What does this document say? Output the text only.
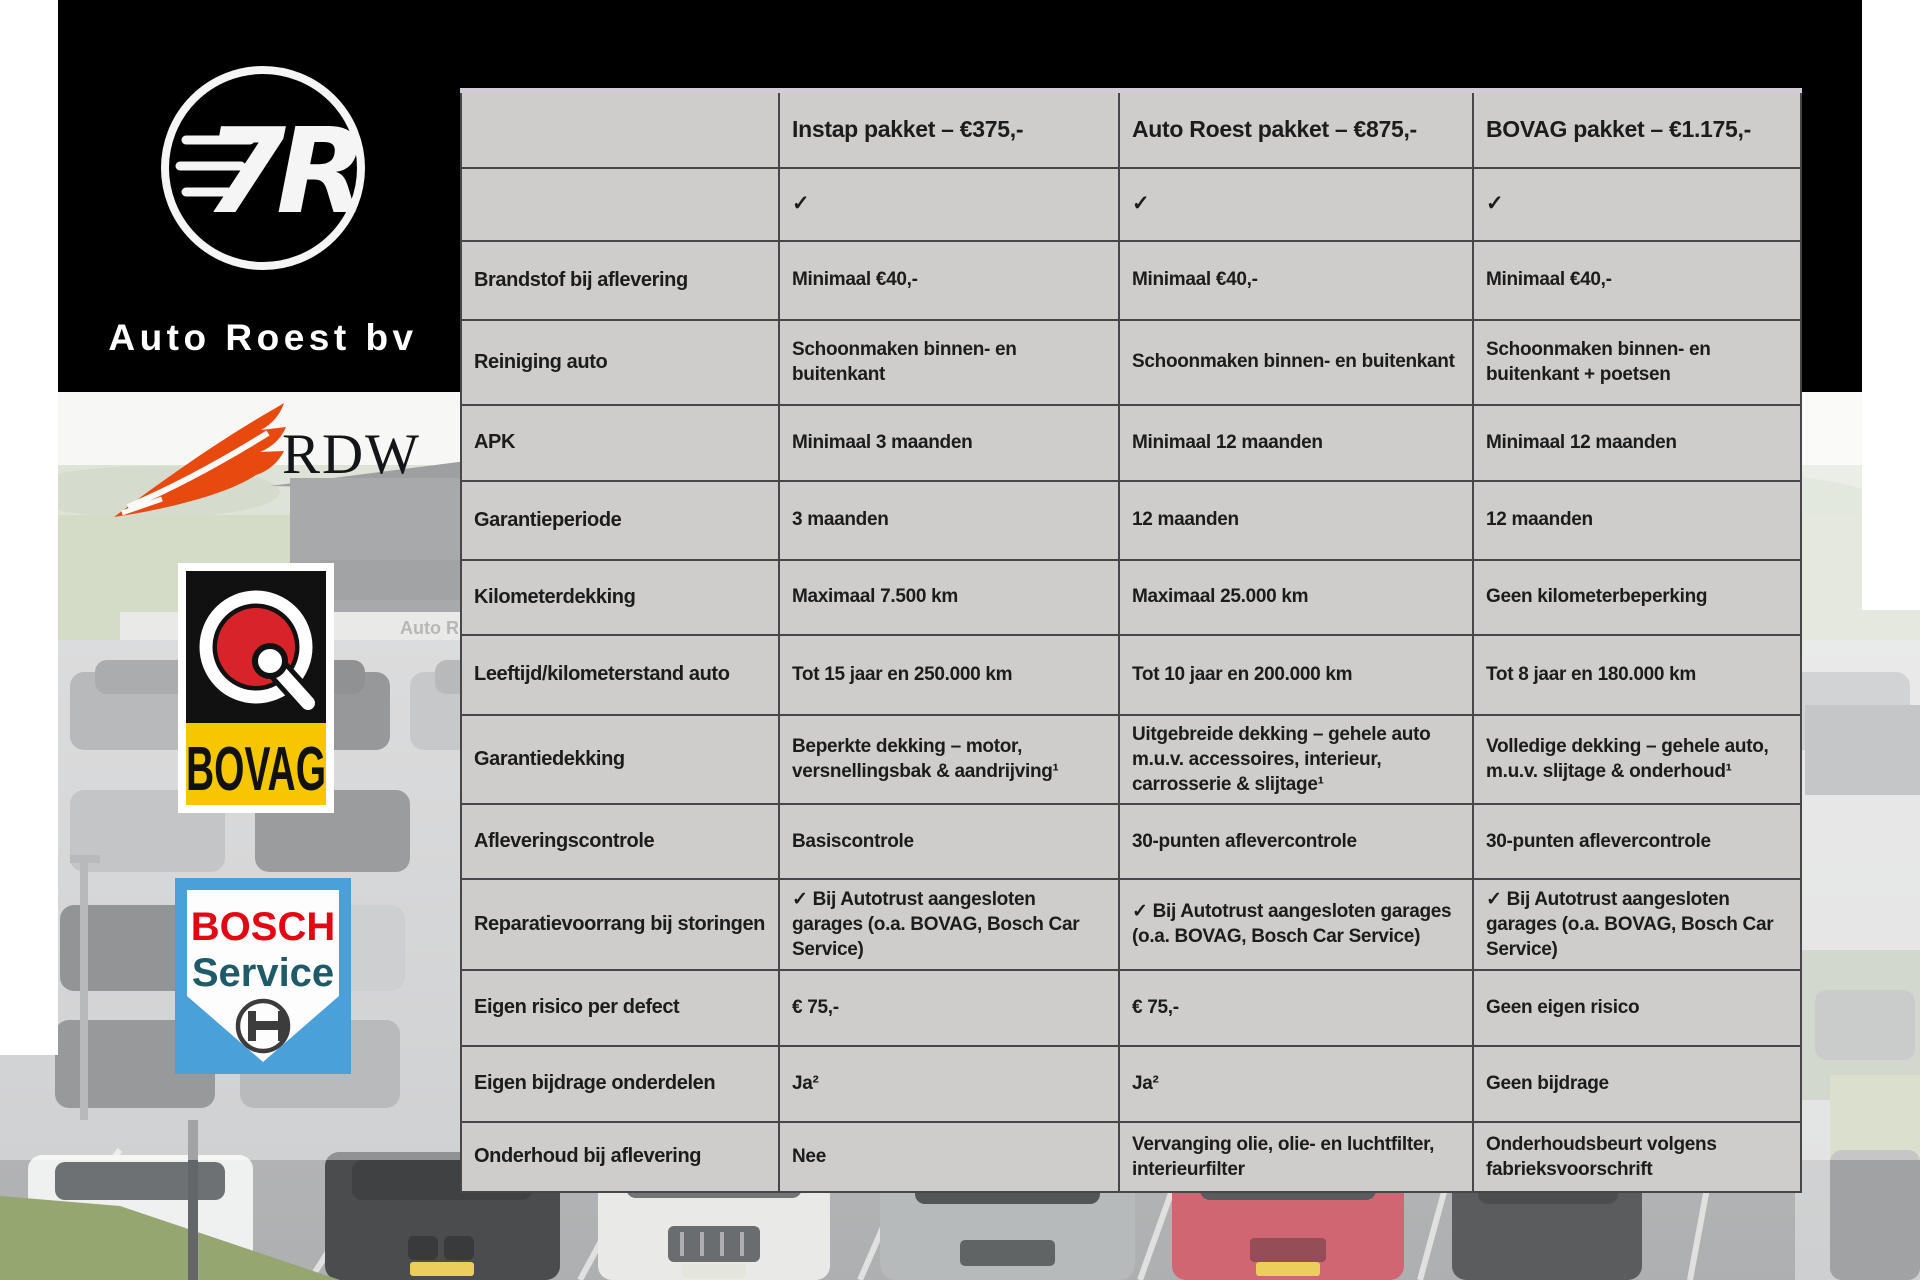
7R
Auto Roest bv
RDW
BOVAG
BOSCH
Service
	Instap pakket – €375,-	Auto Roest pakket – €875,-	BOVAG pakket – €1.175,-
	✓	✓	✓
Brandstof bij aflevering	Minimaal €40,-	Minimaal €40,-	Minimaal €40,-
Reiniging auto	Schoonmaken binnen- en buitenkant	Schoonmaken binnen- en buitenkant	Schoonmaken binnen- en buitenkant + poetsen
APK	Minimaal 3 maanden	Minimaal 12 maanden	Minimaal 12 maanden
Garantieperiode	3 maanden	12 maanden	12 maanden
Kilometerdekking	Maximaal 7.500 km	Maximaal 25.000 km	Geen kilometerbeperking
Leeftijd/kilometerstand auto	Tot 15 jaar en 250.000 km	Tot 10 jaar en 200.000 km	Tot 8 jaar en 180.000 km
Garantiedekking	Beperkte dekking – motor, versnellingsbak & aandrijving¹	Uitgebreide dekking – gehele auto m.u.v. accessoires, interieur, carrosserie & slijtage¹	Volledige dekking – gehele auto, m.u.v. slijtage & onderhoud¹
Afleveringscontrole	Basiscontrole	30-punten aflevercontrole	30-punten aflevercontrole
Reparatievoorrang bij storingen	✓ Bij Autotrust aangesloten garages (o.a. BOVAG, Bosch Car Service)	✓ Bij Autotrust aangesloten garages (o.a. BOVAG, Bosch Car Service)	✓ Bij Autotrust aangesloten garages (o.a. BOVAG, Bosch Car Service)
Eigen risico per defect	€ 75,-	€ 75,-	Geen eigen risico
Eigen bijdrage onderdelen	Ja²	Ja²	Geen bijdrage
Onderhoud bij aflevering	Nee	Vervanging olie, olie- en luchtfilter, interieurfilter	Onderhoudsbeurt volgens fabrieksvoorschrift
